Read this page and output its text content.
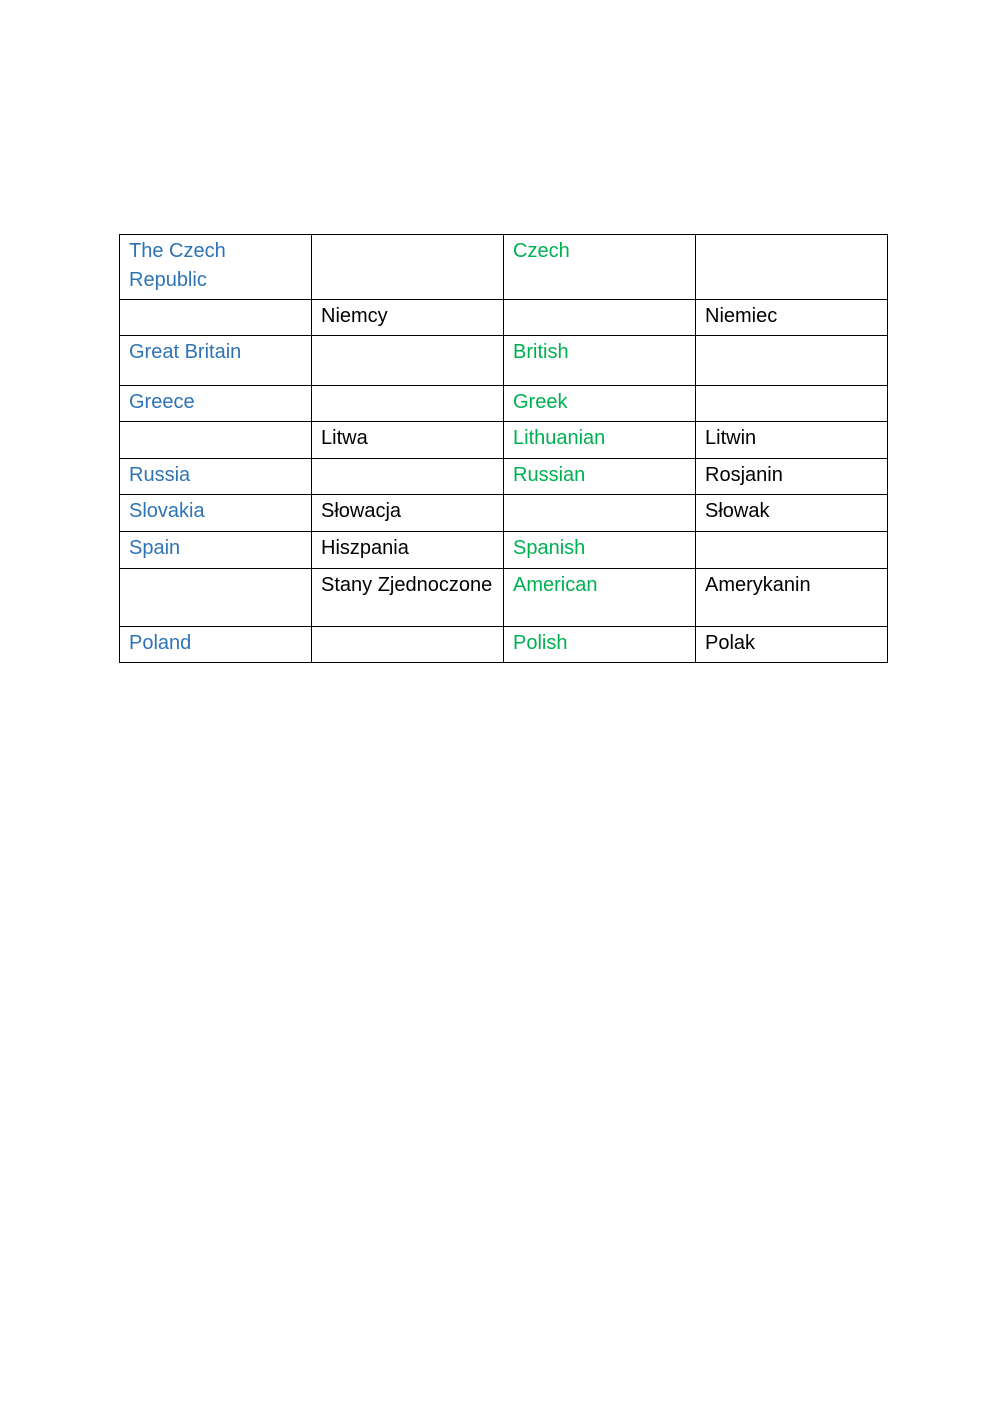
The Czech Republic		Czech	
	Niemcy		Niemiec
Great Britain		British	
Greece		Greek	
	Litwa	Lithuanian	Litwin
Russia		Russian	Rosjanin
Slovakia	Słowacja		Słowak
Spain	Hiszpania	Spanish	
	Stany Zjednoczone	American	Amerykanin
Poland		Polish	Polak
